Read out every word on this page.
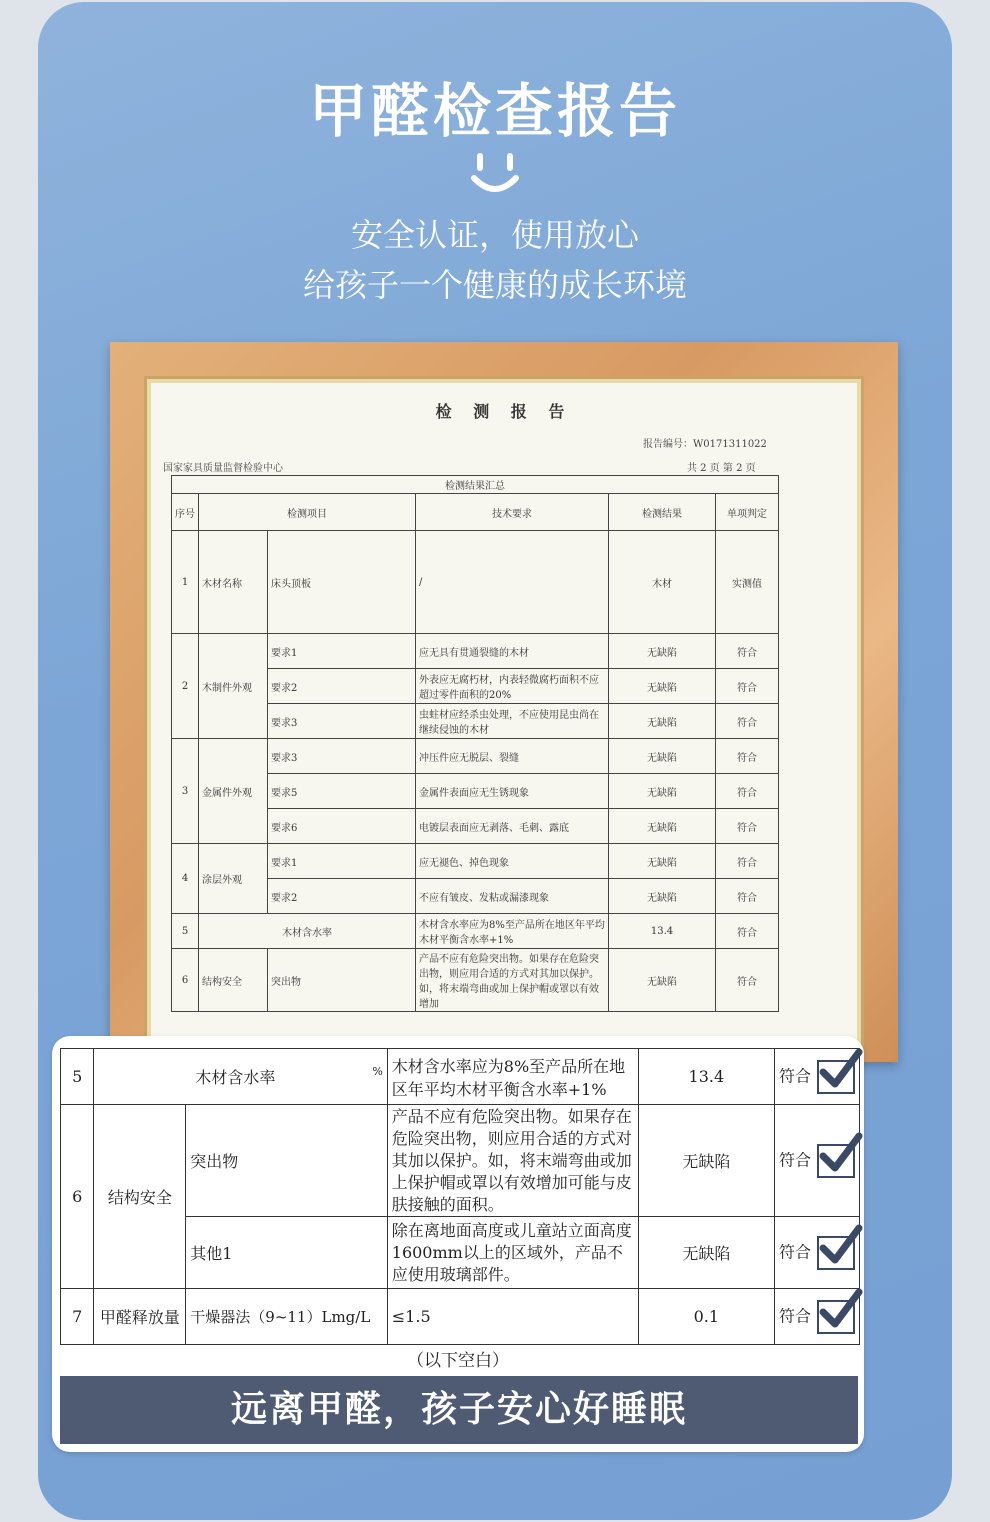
甲醛检查报告
安全认证，使用放心
给孩子一个健康的成长环境
检 测 报 告
报告编号：W0171311022
国家家具质量监督检验中心	共 2 页 第 2 页
检测结果汇总					
序号	检测项目		技术要求	检测结果	单项判定
1	木材名称	床头顶板	/	木材	实测值
2	木制件外观	要求1	应无具有贯通裂缝的木材	无缺陷	符合
		要求2	外表应无腐朽材，内表轻微腐朽面积不应超过零件面积的20%	无缺陷	符合
		要求3	虫蛀材应经杀虫处理，不应使用昆虫尚在继续侵蚀的木材	无缺陷	符合
3	金属件外观	要求3	冲压件应无脱层、裂缝	无缺陷	符合
		要求5	金属件表面应无生锈现象	无缺陷	符合
		要求6	电镀层表面应无剥落、毛刺、露底	无缺陷	符合
4	涂层外观	要求1	应无褪色、掉色现象	无缺陷	符合
		要求2	不应有皱皮、发粘或漏漆现象	无缺陷	符合
5	木材含水率		木材含水率应为8%至产品所在地区年平均木材平衡含水率+1%	13.4	符合
6	结构安全	突出物	产品不应有危险突出物。如果存在危险突出物，则应用合适的方式对其加以保护。如，将末端弯曲或加上保护帽或罩以有效增加	无缺陷	符合
5	木材含水率 %		木材含水率应为8%至产品所在地区年平均木材平衡含水率+1%	13.4	符合

6	结构安全	突出物	产品不应有危险突出物。如果存在危险突出物，则应用合适的方式对其加以保护。如，将末端弯曲或加上保护帽或罩以有效增加可能与皮肤接触的面积。	无缺陷	符合

		其他1	除在离地面高度或儿童站立面高度1600mm以上的区域外，产品不应使用玻璃部件。	无缺陷	符合

7	甲醛释放量	干燥器法（9~11）Lmg/L	≤1.5	0.1	符合
（以下空白）
远离甲醛，孩子安心好睡眠
